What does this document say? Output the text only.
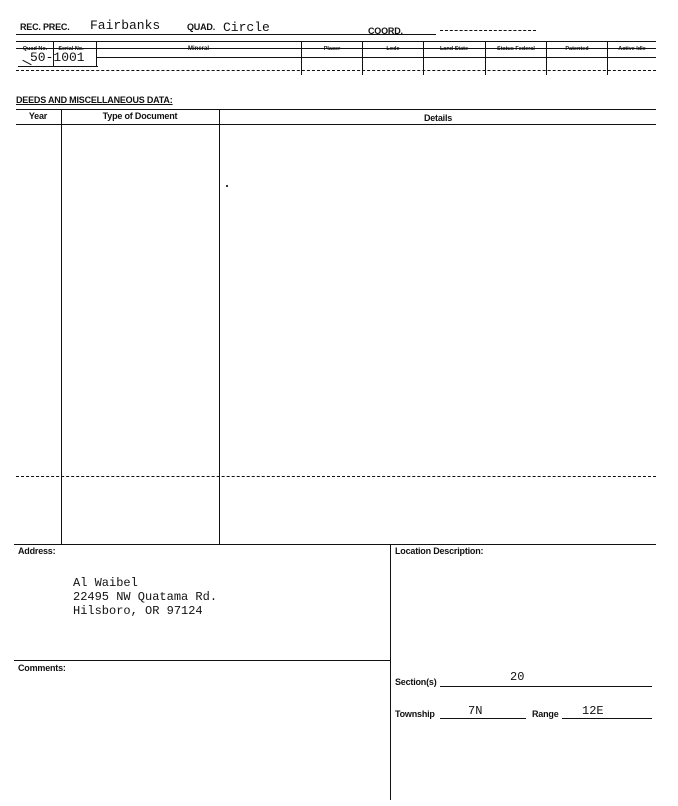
REC. PREC. Fairbanks	QUAD. Circle	COORD.
Quad No.	Serial No.	Mineral	Placer	Lode	Land State	Status Federal	Patented	Active Idle
50-1001
DEEDS AND MISCELLANEOUS DATA:
Year	Type of Document	Details
Address:
Al Waibel
22495 NW Quatama Rd.
Hilsboro, OR 97124
Location Description:
Comments:
Section(s)	20
Township	7N	Range 12E
